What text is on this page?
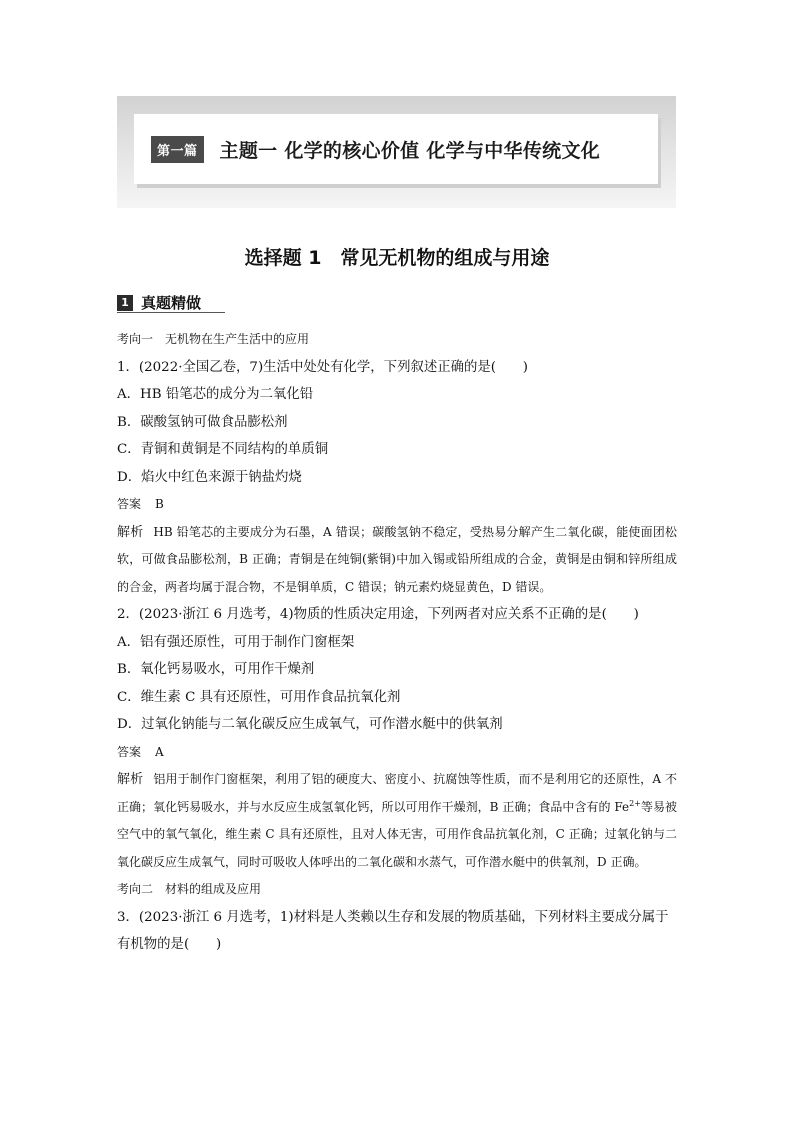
第一篇	主题一 化学的核心价值 化学与中华传统文化
选择题 1　常见无机物的组成与用途
1 真题精做
考向一　无机物在生产生活中的应用
1．(2022·全国乙卷，7)生活中处处有化学，下列叙述正确的是(　　)
A．HB 铅笔芯的成分为二氧化铅
B．碳酸氢钠可做食品膨松剂
C．青铜和黄铜是不同结构的单质铜
D．焰火中红色来源于钠盐灼烧
答案 B
解析 HB 铅笔芯的主要成分为石墨，A 错误；碳酸氢钠不稳定，受热易分解产生二氧化碳，能使面团松软，可做食品膨松剂，B 正确；青铜是在纯铜(紫铜)中加入锡或铅所组成的合金，黄铜是由铜和锌所组成的合金，两者均属于混合物，不是铜单质，C 错误；钠元素灼烧显黄色，D 错误。
2．(2023·浙江 6 月选考，4)物质的性质决定用途，下列两者对应关系不正确的是(　　)
A．铝有强还原性，可用于制作门窗框架
B．氧化钙易吸水，可用作干燥剂
C．维生素 C 具有还原性，可用作食品抗氧化剂
D．过氧化钠能与二氧化碳反应生成氧气，可作潜水艇中的供氧剂
答案 A
解析 铝用于制作门窗框架，利用了铝的硬度大、密度小、抗腐蚀等性质，而不是利用它的还原性，A 不正确；氧化钙易吸水，并与水反应生成氢氧化钙，所以可用作干燥剂，B 正确；食品中含有的 $Fe^{2+}$等易被空气中的氧气氧化，维生素 C 具有还原性，且对人体无害，可用作食品抗氧化剂，C 正确；过氧化钠与二氧化碳反应生成氧气，同时可吸收人体呼出的二氧化碳和水蒸气，可作潜水艇中的供氧剂，D 正确。
考向二　材料的组成及应用
3．(2023·浙江 6 月选考，1)材料是人类赖以生存和发展的物质基础，下列材料主要成分属于有机物的是(　　)
